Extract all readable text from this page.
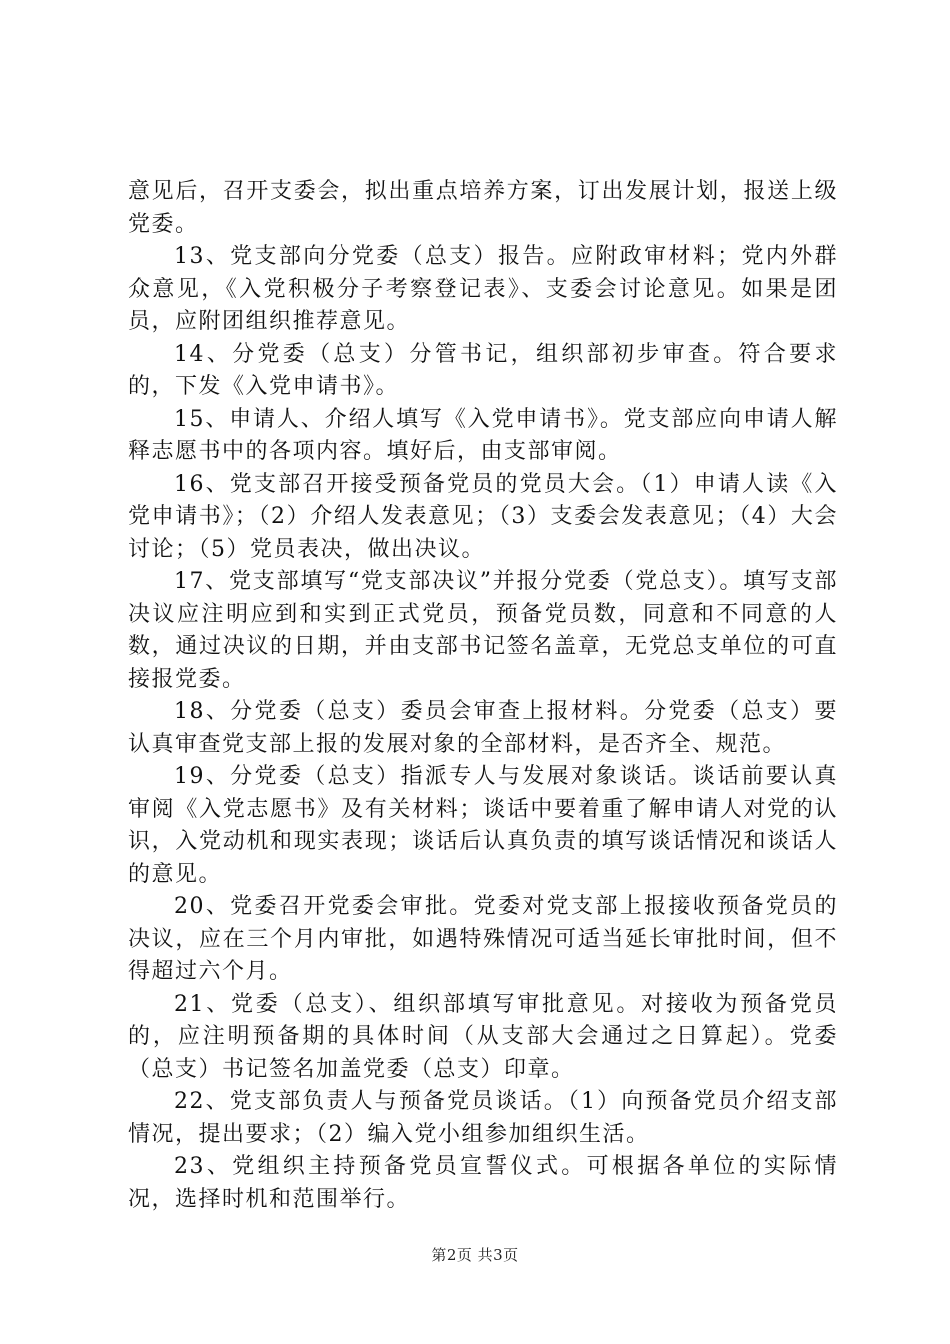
意见后，召开支委会，拟出重点培养方案，订出发展计划，报送上级党委。

13、党支部向分党委（总支）报告。应附政审材料；党内外群众意见，《入党积极分子考察登记表》、支委会讨论意见。如果是团员，应附团组织推荐意见。

14、分党委（总支）分管书记，组织部初步审查。符合要求的，下发《入党申请书》。

15、申请人、介绍人填写《入党申请书》。党支部应向申请人解释志愿书中的各项内容。填好后，由支部审阅。

16、党支部召开接受预备党员的党员大会。（1）申请人读《入党申请书》；（2）介绍人发表意见；（3）支委会发表意见；（4）大会讨论；（5）党员表决，做出决议。

17、党支部填写“党支部决议”并报分党委（党总支）。填写支部决议应注明应到和实到正式党员，预备党员数，同意和不同意的人数，通过决议的日期，并由支部书记签名盖章，无党总支单位的可直接报党委。

18、分党委（总支）委员会审查上报材料。分党委（总支）要认真审查党支部上报的发展对象的全部材料，是否齐全、规范。

19、分党委（总支）指派专人与发展对象谈话。谈话前要认真审阅《入党志愿书》及有关材料；谈话中要着重了解申请人对党的认识，入党动机和现实表现；谈话后认真负责的填写谈话情况和谈话人的意见。

20、党委召开党委会审批。党委对党支部上报接收预备党员的决议，应在三个月内审批，如遇特殊情况可适当延长审批时间，但不得超过六个月。

21、党委（总支）、组织部填写审批意见。对接收为预备党员的，应注明预备期的具体时间（从支部大会通过之日算起）。党委（总支）书记签名加盖党委（总支）印章。

22、党支部负责人与预备党员谈话。（1）向预备党员介绍支部情况，提出要求；（2）编入党小组参加组织生活。

23、党组织主持预备党员宣誓仪式。可根据各单位的实际情况，选择时机和范围举行。

第2页 共3页
